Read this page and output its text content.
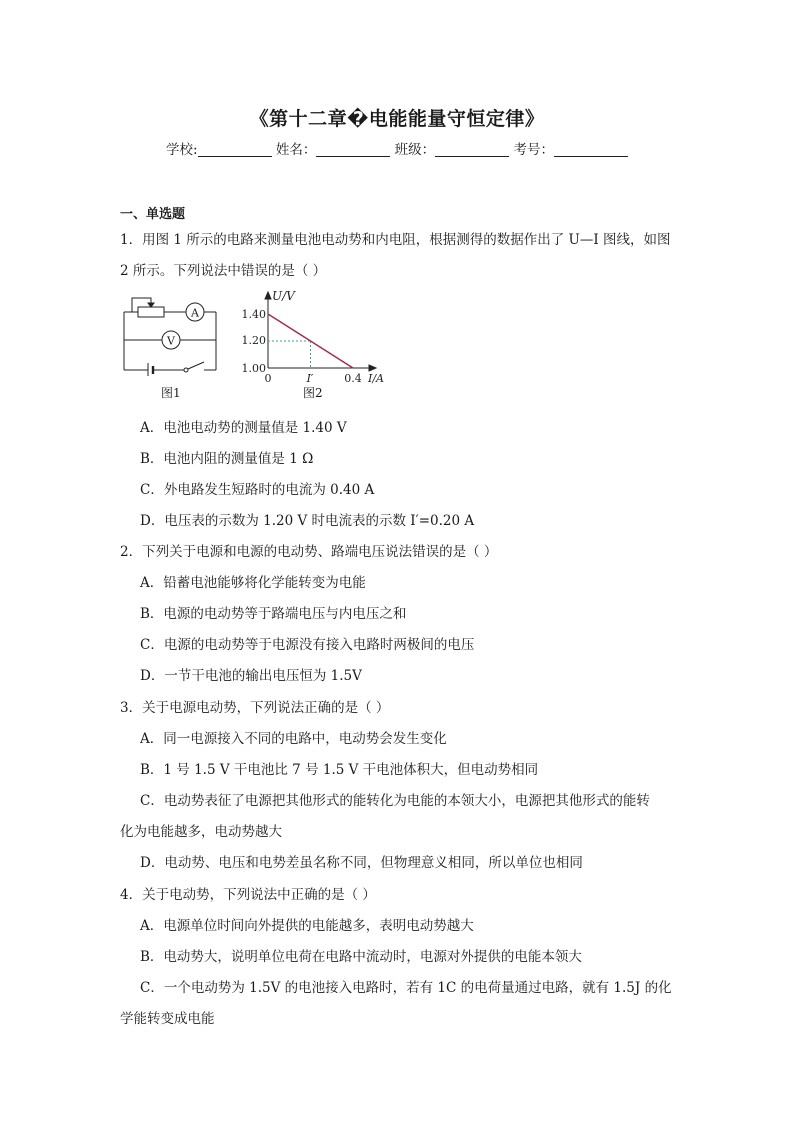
《第十二章�电能能量守恒定律》
学校:	姓名：	班级：	考号：
一、单选题
1．用图 1 所示的电路来测量电池电动势和内电阻，根据测得的数据作出了 U—I 图线，如图
2 所示。下列说法中错误的是（ ）
A
V
图1
U/V
1.40
1.20
1.00
0	I′	0.4 I/A
图2
A．电池电动势的测量值是 1.40 V
B．电池内阻的测量值是 1 Ω
C．外电路发生短路时的电流为 0.40 A
D．电压表的示数为 1.20 V 时电流表的示数 I′=0.20 A
2．下列关于电源和电源的电动势、路端电压说法错误的是（ ）
A．铅蓄电池能够将化学能转变为电能
B．电源的电动势等于路端电压与内电压之和
C．电源的电动势等于电源没有接入电路时两极间的电压
D．一节干电池的输出电压恒为 1.5V
3．关于电源电动势，下列说法正确的是（ ）
A．同一电源接入不同的电路中，电动势会发生变化
B．1 号 1.5 V 干电池比 7 号 1.5 V 干电池体积大，但电动势相同
C．电动势表征了电源把其他形式的能转化为电能的本领大小，电源把其他形式的能转
化为电能越多，电动势越大
D．电动势、电压和电势差虽名称不同，但物理意义相同，所以单位也相同
4．关于电动势，下列说法中正确的是（ ）
A．电源单位时间向外提供的电能越多，表明电动势越大
B．电动势大，说明单位电荷在电路中流动时，电源对外提供的电能本领大
C．一个电动势为 1.5V 的电池接入电路时，若有 1C 的电荷量通过电路，就有 1.5J 的化
学能转变成电能
